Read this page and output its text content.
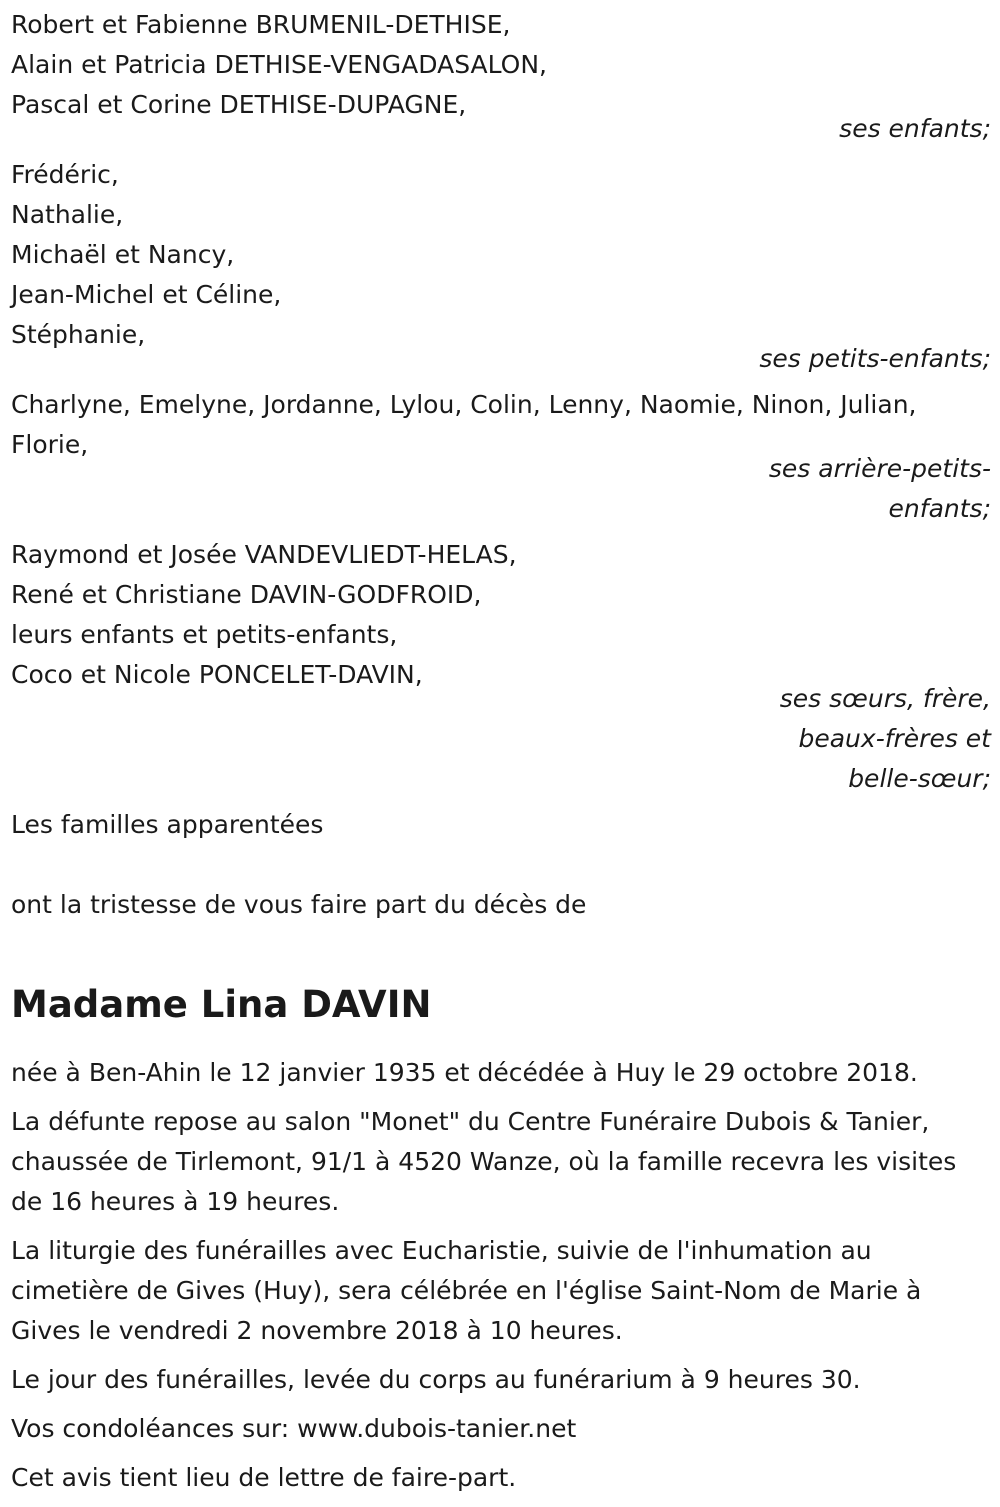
Robert et Fabienne BRUMENIL-DETHISE,
Alain et Patricia DETHISE-VENGADASALON,
Pascal et Corine DETHISE-DUPAGNE,
ses enfants;
Frédéric,
Nathalie,
Michaël et Nancy,
Jean-Michel et Céline,
Stéphanie,
ses petits-enfants;
Charlyne, Emelyne, Jordanne, Lylou, Colin, Lenny, Naomie, Ninon, Julian,
Florie,
ses arrière-petits-
enfants;
Raymond et Josée VANDEVLIEDT-HELAS,
René et Christiane DAVIN-GODFROID,
leurs enfants et petits-enfants,
Coco et Nicole PONCELET-DAVIN,
ses sœurs, frère,
beaux-frères et
belle-sœur;
Les familles apparentées
ont la tristesse de vous faire part du décès de
Madame Lina DAVIN
née à Ben-Ahin le 12 janvier 1935 et décédée à Huy le 29 octobre 2018.
La défunte repose au salon "Monet" du Centre Funéraire Dubois & Tanier, chaussée de Tirlemont, 91/1 à 4520 Wanze, où la famille recevra les visites de 16 heures à 19 heures.
La liturgie des funérailles avec Eucharistie, suivie de l'inhumation au cimetière de Gives (Huy), sera célébrée en l'église Saint-Nom de Marie à Gives le vendredi 2 novembre 2018 à 10 heures.
Le jour des funérailles, levée du corps au funérarium à 9 heures 30.
Vos condoléances sur: www.dubois-tanier.net
Cet avis tient lieu de lettre de faire-part.
